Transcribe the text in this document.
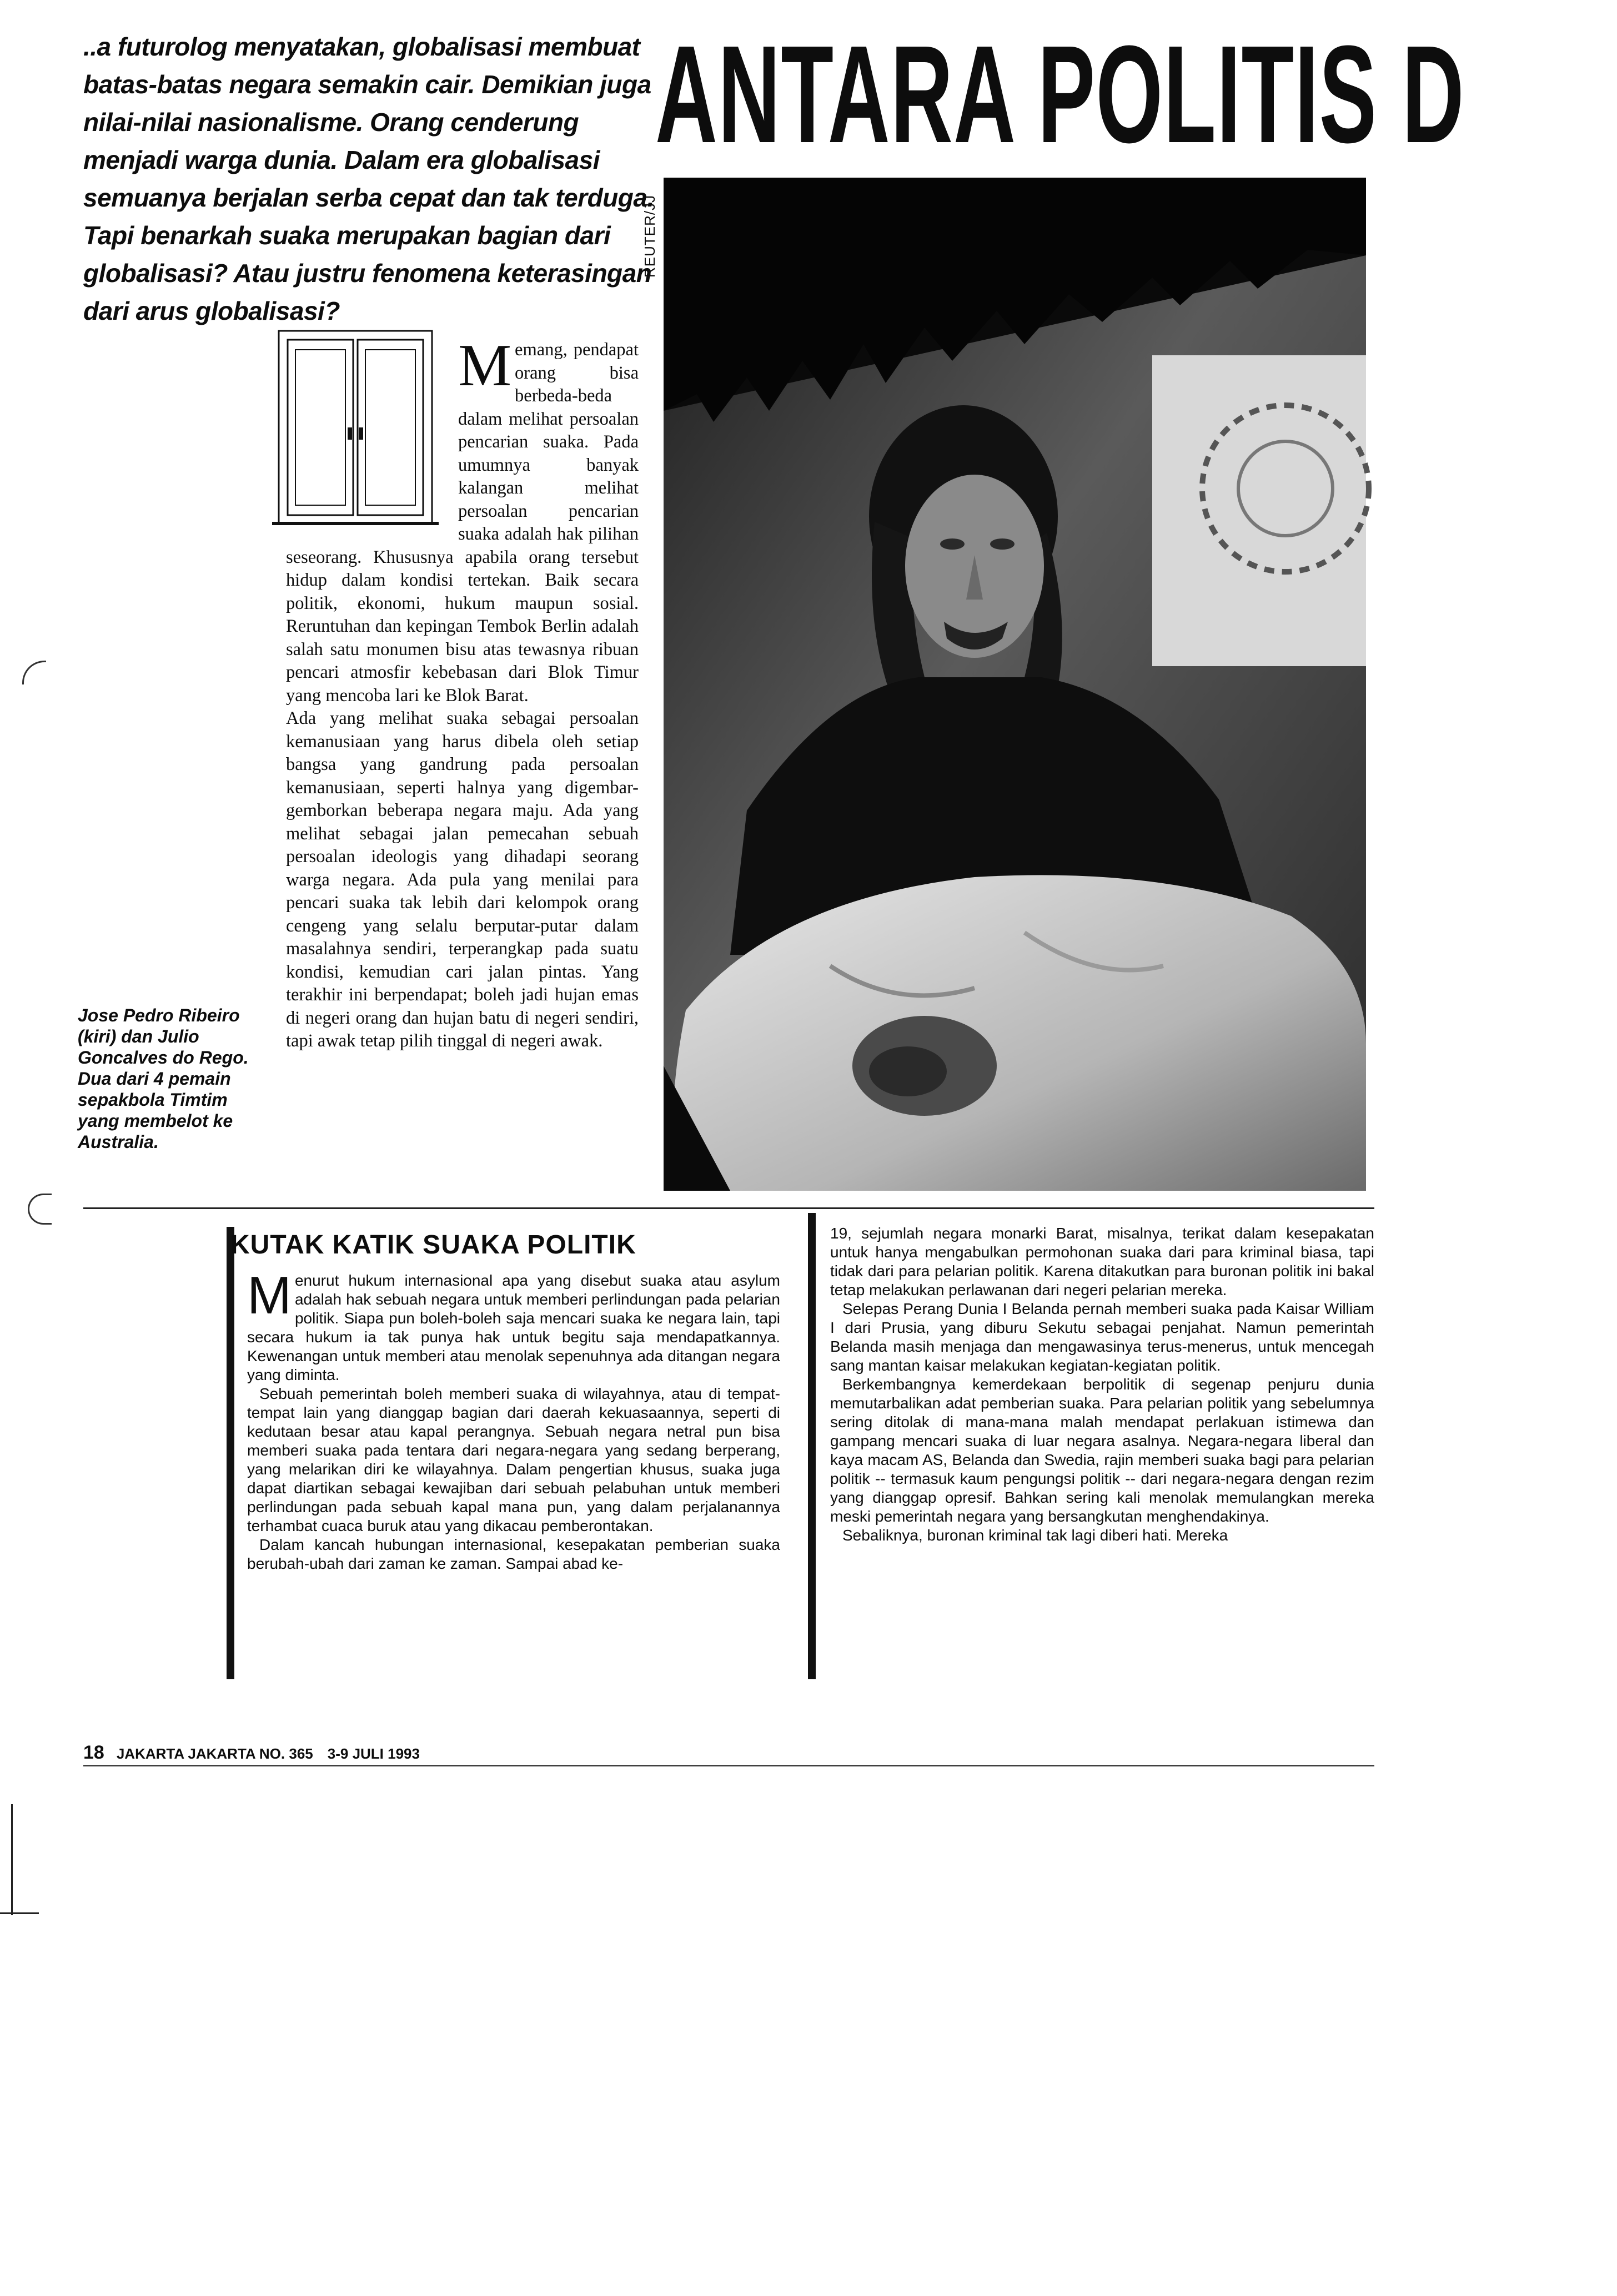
..a futurolog menyatakan, globalisasi membuat batas-batas negara semakin cair. Demikian juga nilai-nilai nasionalisme. Orang cenderung menjadi warga dunia. Dalam era globalisasi semuanya berjalan serba cepat dan tak terduga. Tapi benarkah suaka merupakan bagian dari globalisasi? Atau justru fenomena keterasingan dari arus globalisasi?
ANTARA POLITIS D
REUTER/JJ

Memang, pendapat orang bisa berbeda-beda dalam melihat persoalan pencarian suaka. Pada umumnya banyak kalangan melihat persoalan pencarian suaka adalah hak pilihan seseorang. Khususnya apabila orang tersebut hidup dalam kondisi tertekan. Baik secara politik, ekonomi, hukum maupun sosial. Reruntuhan dan kepingan Tembok Berlin adalah salah satu monumen bisu atas tewasnya ribuan pencari atmosfir kebebasan dari Blok Timur yang mencoba lari ke Blok Barat.

Ada yang melihat suaka sebagai persoalan kemanusiaan yang harus dibela oleh setiap bangsa yang gandrung pada persoalan kemanusiaan, seperti halnya yang digembar-gemborkan beberapa negara maju. Ada yang melihat sebagai jalan pemecahan sebuah persoalan ideologis yang dihadapi seorang warga negara. Ada pula yang menilai para pencari suaka tak lebih dari kelompok orang cengeng yang selalu berputar-putar dalam masalahnya sendiri, terperangkap pada suatu kondisi, kemudian cari jalan pintas. Yang terakhir ini berpendapat; boleh jadi hujan emas di negeri orang dan hujan batu di negeri sendiri, tapi awak tetap pilih tinggal di negeri awak.

Jose Pedro Ribeiro (kiri) dan Julio Goncalves do Rego. Dua dari 4 pemain sepakbola Timtim yang membelot ke Australia.
KUTAK KATIK SUAKA POLITIK

Menurut hukum internasional apa yang disebut suaka atau asylum adalah hak sebuah negara untuk memberi perlindungan pada pelarian politik. Siapa pun boleh-boleh saja mencari suaka ke negara lain, tapi secara hukum ia tak punya hak untuk begitu saja mendapatkannya. Kewenangan untuk memberi atau menolak sepenuhnya ada ditangan negara yang diminta.

Sebuah pemerintah boleh memberi suaka di wilayahnya, atau di tempat-tempat lain yang dianggap bagian dari daerah kekuasaannya, seperti di kedutaan besar atau kapal perangnya. Sebuah negara netral pun bisa memberi suaka pada tentara dari negara-negara yang sedang berperang, yang melarikan diri ke wilayahnya. Dalam pengertian khusus, suaka juga dapat diartikan sebagai kewajiban dari sebuah pelabuhan untuk memberi perlindungan pada sebuah kapal mana pun, yang dalam perjalanannya terhambat cuaca buruk atau yang dikacau pemberontakan.

Dalam kancah hubungan internasional, kesepakatan pemberian suaka berubah-ubah dari zaman ke zaman. Sampai abad ke-

19, sejumlah negara monarki Barat, misalnya, terikat dalam kesepakatan untuk hanya mengabulkan permohonan suaka dari para kriminal biasa, tapi tidak dari para pelarian politik. Karena ditakutkan para buronan politik ini bakal tetap melakukan perlawanan dari negeri pelarian mereka.

Selepas Perang Dunia I Belanda pernah memberi suaka pada Kaisar William I dari Prusia, yang diburu Sekutu sebagai penjahat. Namun pemerintah Belanda masih menjaga dan mengawasinya terus-menerus, untuk mencegah sang mantan kaisar melakukan kegiatan-kegiatan politik.

Berkembangnya kemerdekaan berpolitik di segenap penjuru dunia memutarbalikan adat pemberian suaka. Para pelarian politik yang sebelumnya sering ditolak di mana-mana malah mendapat perlakuan istimewa dan gampang mencari suaka di luar negara asalnya. Negara-negara liberal dan kaya macam AS, Belanda dan Swedia, rajin memberi suaka bagi para pelarian politik -- termasuk kaum pengungsi politik -- dari negara-negara dengan rezim yang dianggap opresif. Bahkan sering kali menolak memulangkan mereka meski pemerintah negara yang bersangkutan menghendakinya.

Sebaliknya, buronan kriminal tak lagi diberi hati. Mereka

18 JAKARTA JAKARTA NO. 365 3-9 JULI 1993
